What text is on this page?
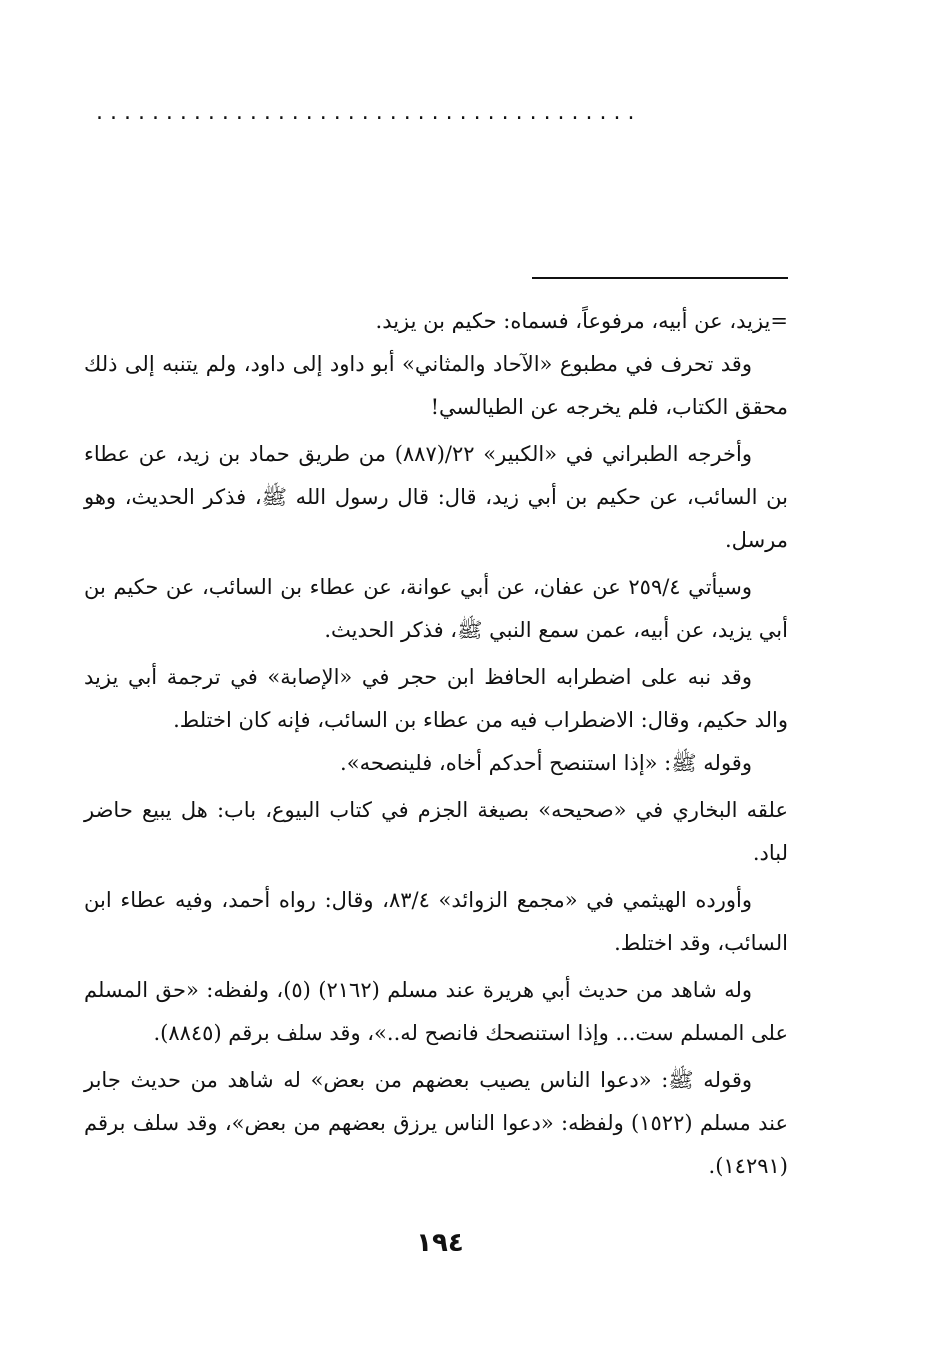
. . . . . . . . . . . . . . . . . . . . . . . . . . . . . . . . . . . . . . .

=يزيد، عن أبيه، مرفوعاً، فسماه: حكيم بن يزيد.

وقد تحرف في مطبوع «الآحاد والمثاني» أبو داود إلى داود، ولم يتنبه إلى ذلك محقق الكتاب، فلم يخرجه عن الطيالسي!

وأخرجه الطبراني في «الكبير» ٢٢/(٨٨٧) من طريق حماد بن زيد، عن عطاء بن السائب، عن حكيم بن أبي زيد، قال: قال رسول الله ﷺ، فذكر الحديث، وهو مرسل.

وسيأتي ٢٥٩/٤ عن عفان، عن أبي عوانة، عن عطاء بن السائب، عن حكيم بن أبي يزيد، عن أبيه، عمن سمع النبي ﷺ، فذكر الحديث.

وقد نبه على اضطرابه الحافظ ابن حجر في «الإصابة» في ترجمة أبي يزيد والد حكيم، وقال: الاضطراب فيه من عطاء بن السائب، فإنه كان اختلط.

وقوله ﷺ: «إذا استنصح أحدكم أخاه، فلينصحه».

علقه البخاري في «صحيحه» بصيغة الجزم في كتاب البيوع، باب: هل يبيع حاضر لباد.

وأورده الهيثمي في «مجمع الزوائد» ٨٣/٤، وقال: رواه أحمد، وفيه عطاء ابن السائب، وقد اختلط.

وله شاهد من حديث أبي هريرة عند مسلم (٢١٦٢) (٥)، ولفظه: «حق المسلم على المسلم ست... وإذا استنصحك فانصح له..»، وقد سلف برقم (٨٨٤٥).

وقوله ﷺ: «دعوا الناس يصيب بعضهم من بعض» له شاهد من حديث جابر عند مسلم (١٥٢٢) ولفظه: «دعوا الناس يرزق بعضهم من بعض»، وقد سلف برقم (١٤٢٩١).

١٩٤
